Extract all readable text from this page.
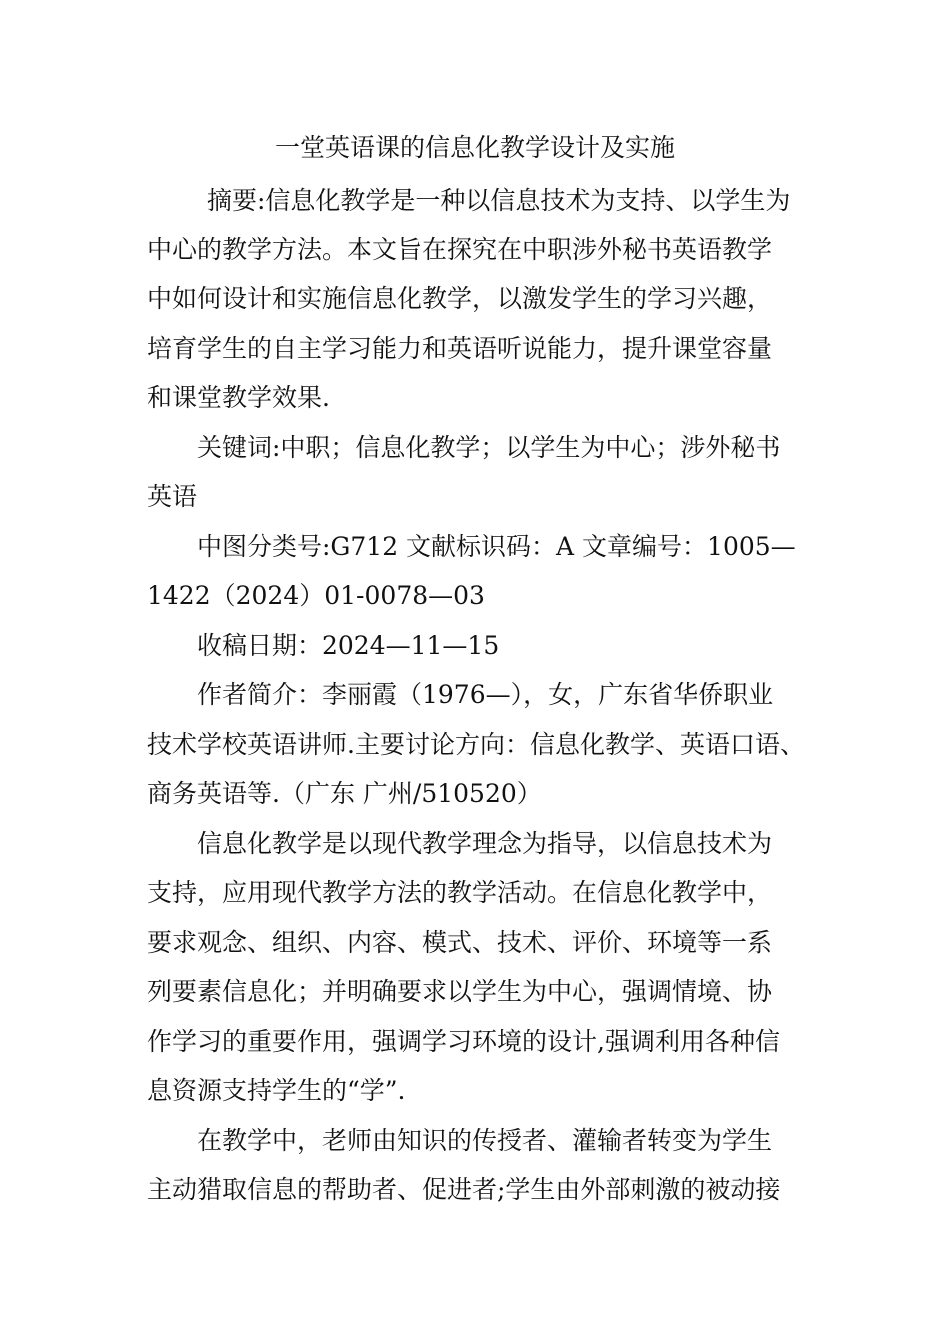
一堂英语课的信息化教学设计及实施
摘要:信息化教学是一种以信息技术为支持、以学生为
中心的教学方法。本文旨在探究在中职涉外秘书英语教学
中如何设计和实施信息化教学，以激发学生的学习兴趣，
培育学生的自主学习能力和英语听说能力，提升课堂容量
和课堂教学效果.
关键词:中职；信息化教学；以学生为中心；涉外秘书
英语
中图分类号:G712 文献标识码：A 文章编号：1005—
1422（2024）01-0078—03
收稿日期：2024—11—15
作者简介：李丽霞（1976—），女，广东省华侨职业
技术学校英语讲师.主要讨论方向：信息化教学、英语口语、
商务英语等.（广东 广州/510520）
信息化教学是以现代教学理念为指导，以信息技术为
支持，应用现代教学方法的教学活动。在信息化教学中，
要求观念、组织、内容、模式、技术、评价、环境等一系
列要素信息化；并明确要求以学生为中心，强调情境、协
作学习的重要作用，强调学习环境的设计,强调利用各种信
息资源支持学生的“学”.
在教学中，老师由知识的传授者、灌输者转变为学生
主动猎取信息的帮助者、促进者;学生由外部刺激的被动接
